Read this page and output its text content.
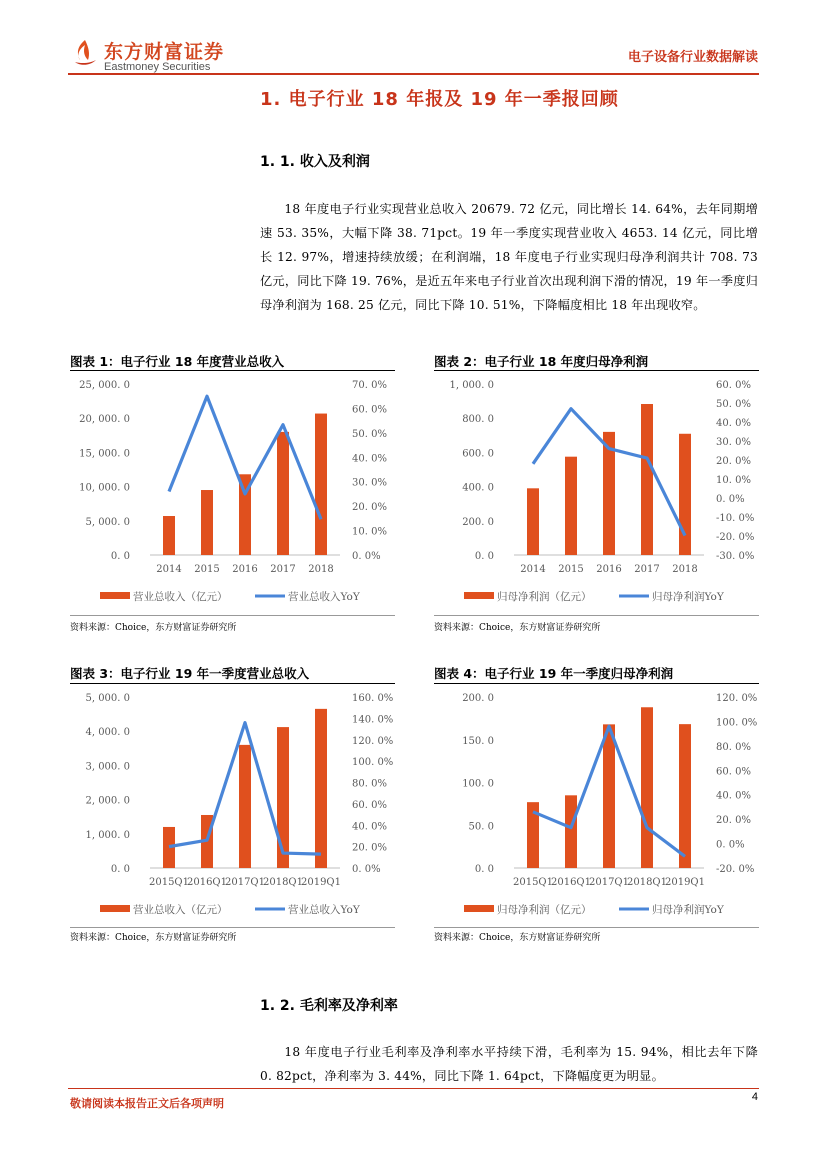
东方财富证券
Eastmoney Securities
电子设备行业数据解读
1. 电子行业 18 年报及 19 年一季报回顾
1. 1. 收入及利润
18 年度电子行业实现营业总收入 20679. 72 亿元，同比增长 14. 64%，去年同期增速 53. 35%，大幅下降 38. 71pct。19 年一季度实现营业收入 4653. 14 亿元，同比增长 12. 97%，增速持续放缓；在利润端，18 年度电子行业实现归母净利润共计 708. 73 亿元，同比下降 19. 76%，是近五年来电子行业首次出现利润下滑的情况，19 年一季度归母净利润为 168. 25 亿元，同比下降 10. 51%，下降幅度相比 18 年出现收窄。
图表 1：电子行业 18 年度营业总收入	图表 2：电子行业 18 年度归母净利润
0. 0
5, 000. 0
10, 000. 0
15, 000. 0
20, 000. 0
25, 000. 0
0. 0%
10. 0%
20. 0%
30. 0%
40. 0%
50. 0%
60. 0%
70. 0%
2014 2015 2016 2017 2018
营业总收入（亿元）	营业总收入YoY
0. 0
200. 0
400. 0
600. 0
800. 0
1, 000. 0
-30. 0%
-20. 0%
-10. 0%
0. 0%
10. 0%
20. 0%
30. 0%
40. 0%
50. 0%
60. 0%
2014 2015 2016 2017 2018
归母净利润（亿元）	归母净利润YoY
资料来源：Choice，东方财富证券研究所	资料来源：Choice，东方财富证券研究所
图表 3：电子行业 19 年一季度营业总收入	图表 4：电子行业 19 年一季度归母净利润
0. 0
1, 000. 0
2, 000. 0
3, 000. 0
4, 000. 0
5, 000. 0
0. 0%
20. 0%
40. 0%
60. 0%
80. 0%
100. 0%
120. 0%
140. 0%
160. 0%
2015Q1
2016Q1
2017Q1
2018Q1
2019Q1
营业总收入（亿元）	营业总收入YoY
0. 0
50. 0
100. 0
150. 0
200. 0
-20. 0%
0. 0%
20. 0%
40. 0%
60. 0%
80. 0%
100. 0%
120. 0%
2015Q1
2016Q1
2017Q1
2018Q1
2019Q1
归母净利润（亿元）	归母净利润YoY
资料来源：Choice，东方财富证券研究所	资料来源：Choice，东方财富证券研究所
1. 2. 毛利率及净利率
18 年度电子行业毛利率及净利率水平持续下滑，毛利率为 15. 94%，相比去年下降 0. 82pct，净利率为 3. 44%，同比下降 1. 64pct，下降幅度更为明显。
敬请阅读本报告正文后各项声明	4
